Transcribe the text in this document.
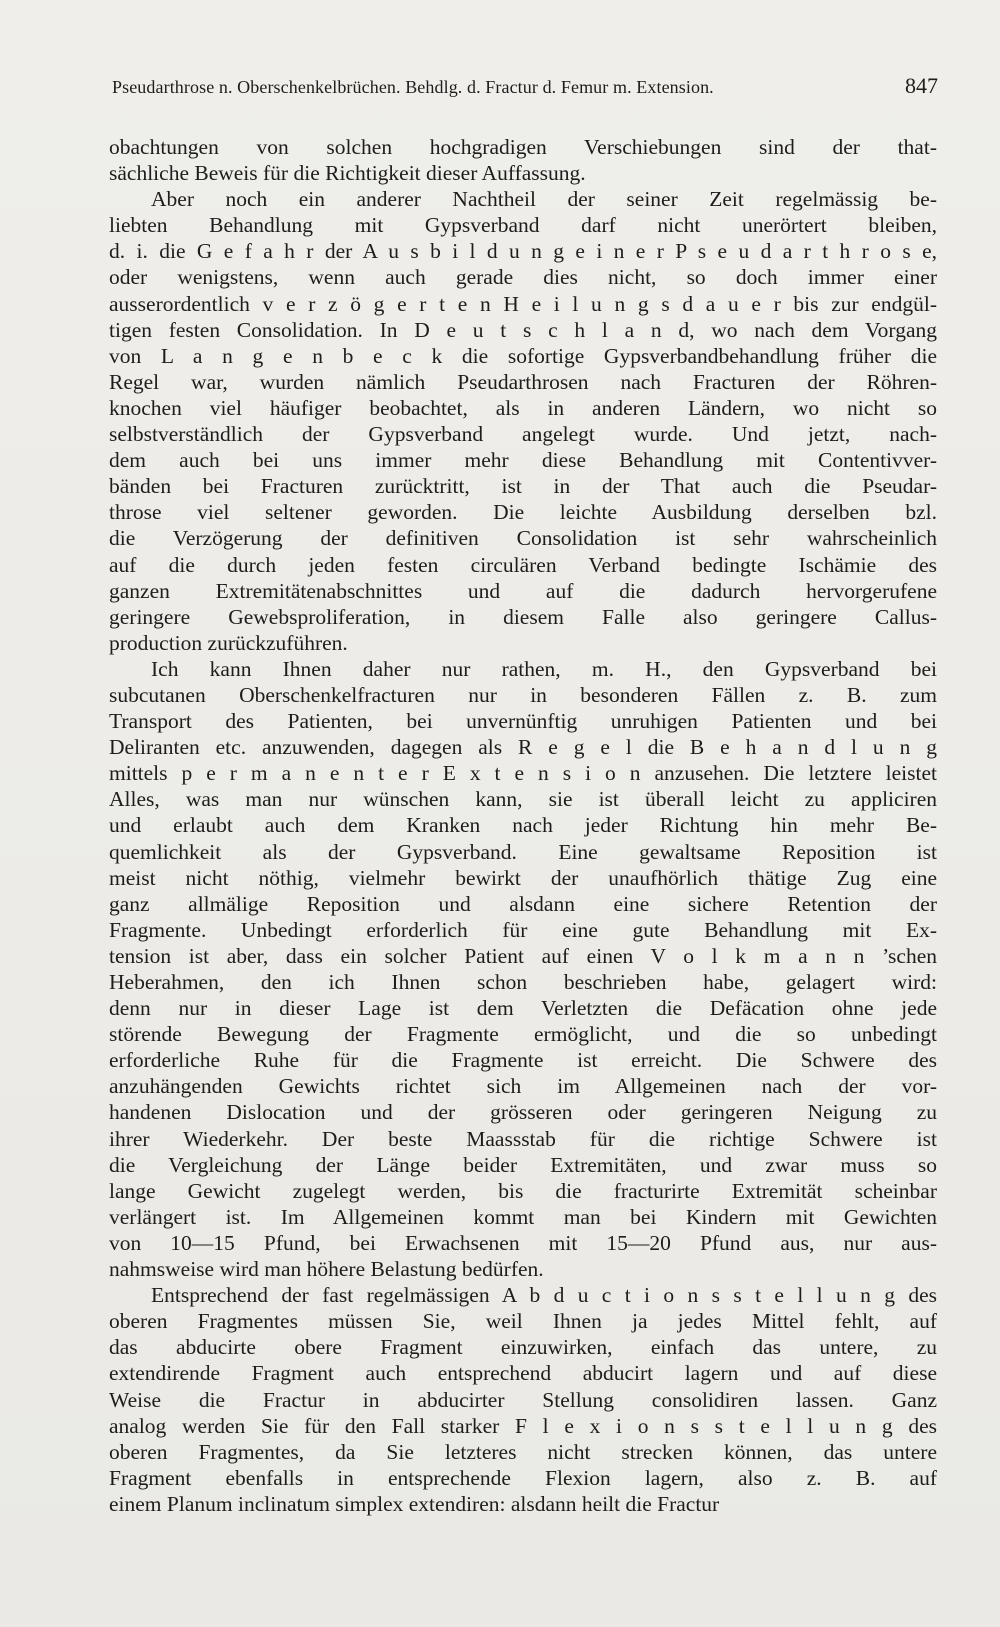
Pseudarthrose n. Oberschenkelbrüchen. Behdlg. d. Fractur d. Femur m. Extension.	847
obachtungen von solchen hochgradigen Verschiebungen sind der that-
sächliche Beweis für die Richtigkeit dieser Auffassung.
Aber noch ein anderer Nachtheil der seiner Zeit regelmässig be-
liebten Behandlung mit Gypsverband darf nicht unerörtert bleiben,
d. i. die G e f a h r der A u s b i l d u n g e i n e r P s e u d a r t h r o s e,
oder wenigstens, wenn auch gerade dies nicht, so doch immer einer
ausserordentlich v e r z ö g e r t e n H e i l u n g s d a u e r bis zur endgül-
tigen festen Consolidation. In D e u t s c h l a n d, wo nach dem Vorgang
von L a n g e n b e c k die sofortige Gypsverbandbehandlung früher die
Regel war, wurden nämlich Pseudarthrosen nach Fracturen der Röhren-
knochen viel häufiger beobachtet, als in anderen Ländern, wo nicht so
selbstverständlich der Gypsverband angelegt wurde. Und jetzt, nach-
dem auch bei uns immer mehr diese Behandlung mit Contentivver-
bänden bei Fracturen zurücktritt, ist in der That auch die Pseudar-
throse viel seltener geworden. Die leichte Ausbildung derselben bzl.
die Verzögerung der definitiven Consolidation ist sehr wahrscheinlich
auf die durch jeden festen circulären Verband bedingte Ischämie des
ganzen Extremitätenabschnittes und auf die dadurch hervorgerufene
geringere Gewebsproliferation, in diesem Falle also geringere Callus-
production zurückzuführen.
Ich kann Ihnen daher nur rathen, m. H., den Gypsverband bei
subcutanen Oberschenkelfracturen nur in besonderen Fällen z. B. zum
Transport des Patienten, bei unvernünftig unruhigen Patienten und bei
Deliranten etc. anzuwenden, dagegen als R e g e l die B e h a n d l u n g
mittels p e r m a n e n t e r E x t e n s i o n anzusehen. Die letztere leistet
Alles, was man nur wünschen kann, sie ist überall leicht zu appliciren
und erlaubt auch dem Kranken nach jeder Richtung hin mehr Be-
quemlichkeit als der Gypsverband. Eine gewaltsame Reposition ist
meist nicht nöthig, vielmehr bewirkt der unaufhörlich thätige Zug eine
ganz allmälige Reposition und alsdann eine sichere Retention der
Fragmente. Unbedingt erforderlich für eine gute Behandlung mit Ex-
tension ist aber, dass ein solcher Patient auf einen V o l k m a n n ’schen
Heberahmen, den ich Ihnen schon beschrieben habe, gelagert wird:
denn nur in dieser Lage ist dem Verletzten die Defäcation ohne jede
störende Bewegung der Fragmente ermöglicht, und die so unbedingt
erforderliche Ruhe für die Fragmente ist erreicht. Die Schwere des
anzuhängenden Gewichts richtet sich im Allgemeinen nach der vor-
handenen Dislocation und der grösseren oder geringeren Neigung zu
ihrer Wiederkehr. Der beste Maassstab für die richtige Schwere ist
die Vergleichung der Länge beider Extremitäten, und zwar muss so
lange Gewicht zugelegt werden, bis die fracturirte Extremität scheinbar
verlängert ist. Im Allgemeinen kommt man bei Kindern mit Gewichten
von 10—15 Pfund, bei Erwachsenen mit 15—20 Pfund aus, nur aus-
nahmsweise wird man höhere Belastung bedürfen.
Entsprechend der fast regelmässigen A b d u c t i o n s s t e l l u n g des
oberen Fragmentes müssen Sie, weil Ihnen ja jedes Mittel fehlt, auf
das abducirte obere Fragment einzuwirken, einfach das untere, zu
extendirende Fragment auch entsprechend abducirt lagern und auf diese
Weise die Fractur in abducirter Stellung consolidiren lassen. Ganz
analog werden Sie für den Fall starker F l e x i o n s s t e l l u n g des
oberen Fragmentes, da Sie letzteres nicht strecken können, das untere
Fragment ebenfalls in entsprechende Flexion lagern, also z. B. auf
einem Planum inclinatum simplex extendiren: alsdann heilt die Fractur
